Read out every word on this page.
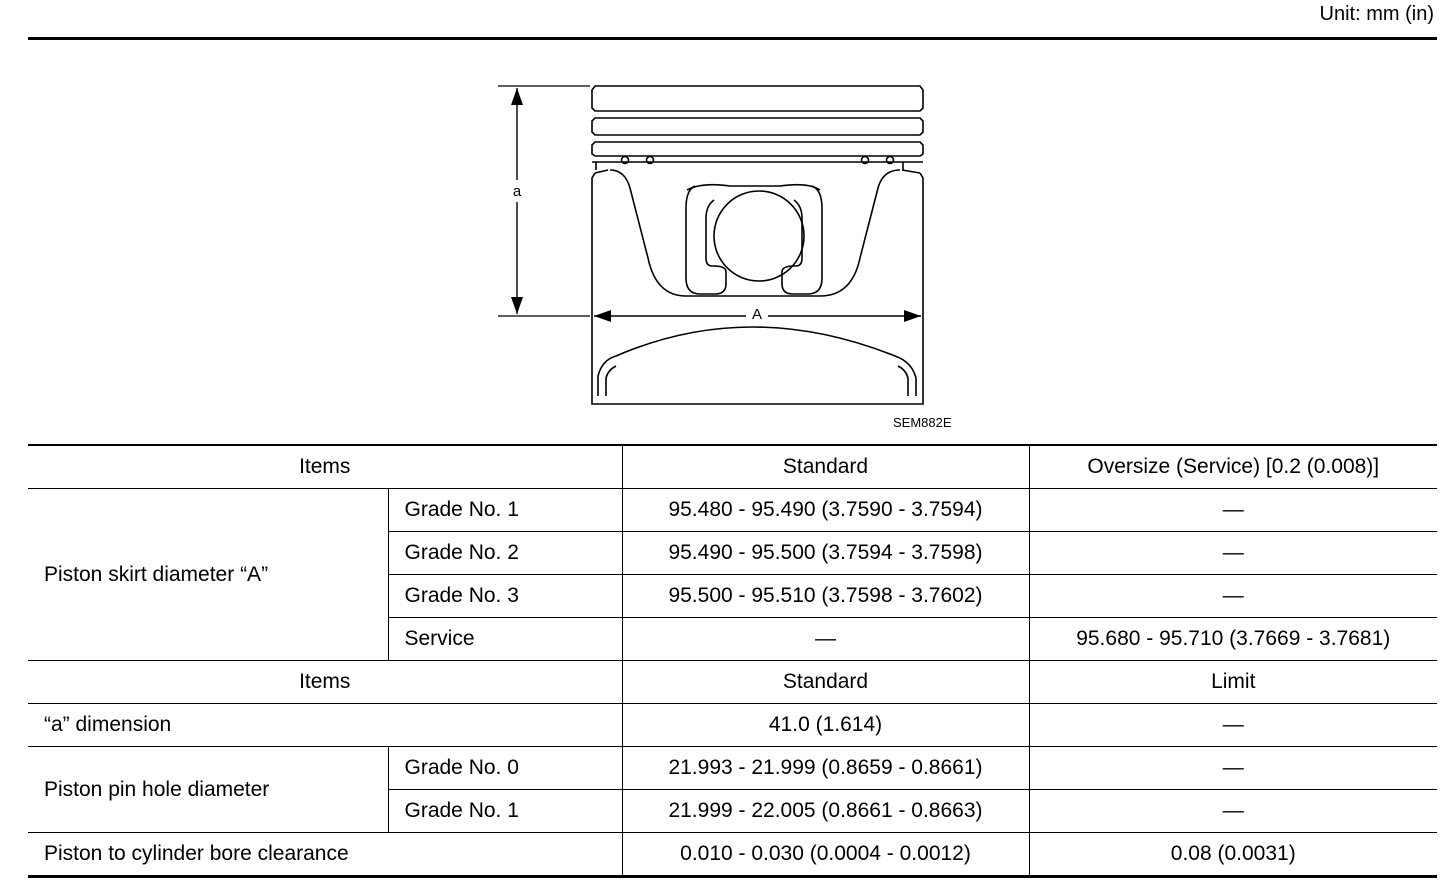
Unit: mm (in)
a
A
SEM882E
Items		Standard	Oversize (Service) [0.2 (0.008)]
Piston skirt diameter “A”	Grade No. 1	95.480 - 95.490 (3.7590 - 3.7594)	—
	Grade No. 2	95.490 - 95.500 (3.7594 - 3.7598)	—
	Grade No. 3	95.500 - 95.510 (3.7598 - 3.7602)	—
	Service	—	95.680 - 95.710 (3.7669 - 3.7681)
Items		Standard	Limit
“a” dimension		41.0 (1.614)	—
Piston pin hole diameter	Grade No. 0	21.993 - 21.999 (0.8659 - 0.8661)	—
	Grade No. 1	21.999 - 22.005 (0.8661 - 0.8663)	—
Piston to cylinder bore clearance		0.010 - 0.030 (0.0004 - 0.0012)	0.08 (0.0031)
